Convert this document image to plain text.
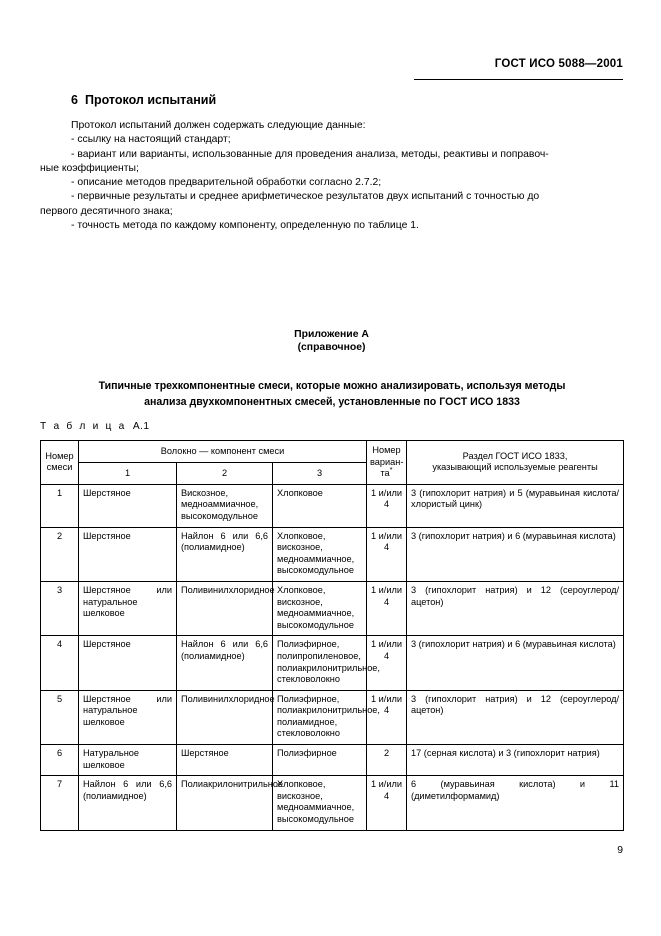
ГОСТ ИСО 5088—2001
6 Протокол испытаний

Протокол испытаний должен содержать следующие данные:

- ссылку на настоящий стандарт;

- вариант или варианты, использованные для проведения анализа, методы, реактивы и поправоч-

ные коэффициенты;

- описание методов предварительной обработки согласно 2.7.2;

- первичные результаты и среднее арифметическое результатов двух испытаний с точностью до

первого десятичного знака;

- точность метода по каждому компоненту, определенную по таблице 1.

Приложение А
(справочное)
Типичные трехкомпонентные смеси, которые можно анализировать, используя методы
анализа двухкомпонентных смесей, установленные по ГОСТ ИСО 1833
Т а б л и ц а А.1
Номер
смеси	Волокно — компонент смеси			Номер
вариан-
та*	Раздел ГОСТ ИСО 1833,
указывающий используемые реагенты
	1	2	3		
1	Шерстяное	Вискозное, медноаммиачное, высокомодульное	Хлопковое	1 и/или 4	3 (гипохлорит натрия) и 5 (муравьиная кислота/хлористый цинк)
2	Шерстяное	Найлон 6 или 6,6 (полиамидное)	Хлопковое, вискозное, медноаммиачное, высокомодульное	1 и/или 4	3 (гипохлорит натрия) и 6 (муравьиная кислота)
3	Шерстяное или натуральное шелковое	Поливинилхлоридное	Хлопковое, вискозное, медноаммиачное, высокомодульное	1 и/или 4	3 (гипохлорит натрия) и 12 (сероуглерод/ацетон)
4	Шерстяное	Найлон 6 или 6,6 (полиамидное)	Полиэфирное, полипропиленовое, полиакрилонитрильное, стекловолокно	1 и/или 4	3 (гипохлорит натрия) и 6 (муравьиная кислота)
5	Шерстяное или натуральное шелковое	Поливинилхлоридное	Полиэфирное, полиакрилонитрильное, полиамидное, стекловолокно	1 и/или 4	3 (гипохлорит натрия) и 12 (сероуглерод/ацетон)
6	Натуральное шелковое	Шерстяное	Полиэфирное	2	17 (серная кислота) и 3 (гипохлорит натрия)
7	Найлон 6 или 6,6 (полиамидное)	Полиакрилонитрильное	Хлопковое, вискозное, медноаммиачное, высокомодульное	1 и/или 4	6 (муравьиная кислота) и 11 (диметилформамид)
9
